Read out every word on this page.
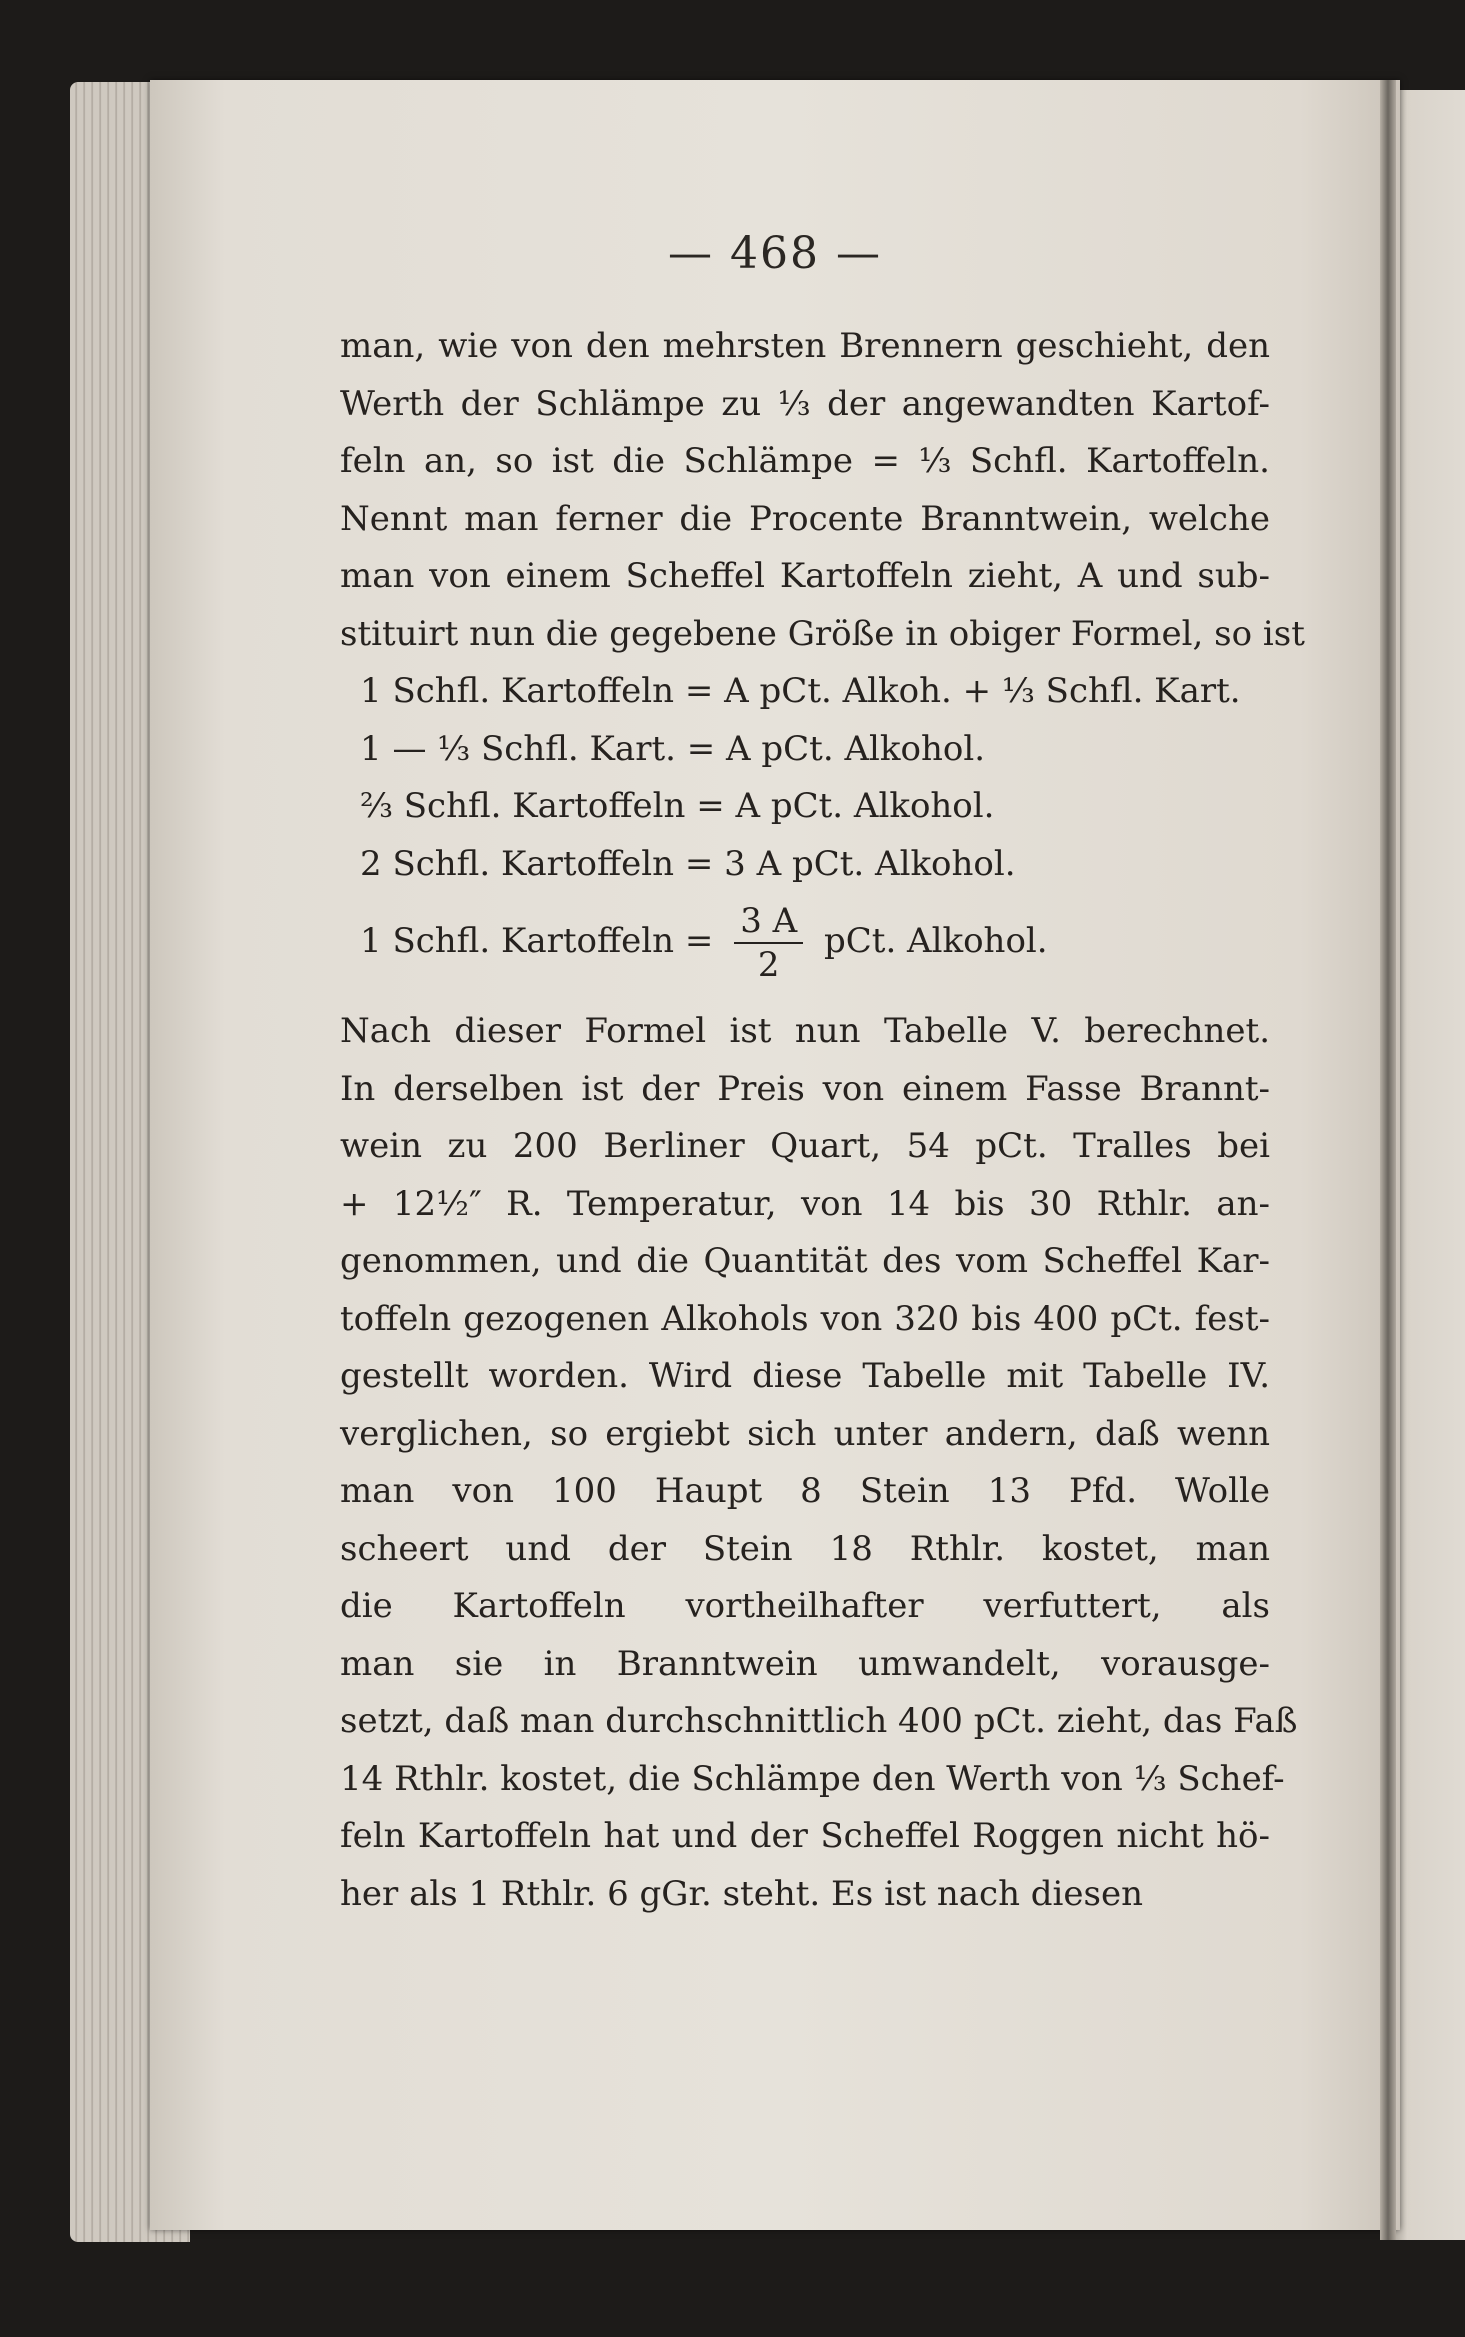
— 468 —
man, wie von den mehrsten Brennern geschieht, den
Werth der Schlämpe zu ⅓ der angewandten Kartof-
feln an, so ist die Schlämpe = ⅓ Schfl. Kartoffeln.
Nennt man ferner die Procente Branntwein, welche
man von einem Scheffel Kartoffeln zieht, A und sub-
stituirt nun die gegebene Größe in obiger Formel, so ist
1 Schfl. Kartoffeln = A pCt. Alkoh. + ⅓ Schfl. Kart.
1 — ⅓ Schfl. Kart. = A pCt. Alkohol.
⅔ Schfl. Kartoffeln = A pCt. Alkohol.
2 Schfl. Kartoffeln = 3 A pCt. Alkohol.
1 Schfl. Kartoffeln = $\frac{3 A}{2}$ pCt. Alkohol.
Nach dieser Formel ist nun Tabelle V. berechnet.
In derselben ist der Preis von einem Fasse Brannt-
wein zu 200 Berliner Quart, 54 pCt. Tralles bei
+ 12½″ R. Temperatur, von 14 bis 30 Rthlr. an-
genommen, und die Quantität des vom Scheffel Kar-
toffeln gezogenen Alkohols von 320 bis 400 pCt. fest-
gestellt worden. Wird diese Tabelle mit Tabelle IV.
verglichen, so ergiebt sich unter andern, daß wenn
man von 100 Haupt 8 Stein 13 Pfd. Wolle
scheert und der Stein 18 Rthlr. kostet, man
die Kartoffeln vortheilhafter verfuttert, als
man sie in Branntwein umwandelt, vorausge-
setzt, daß man durchschnittlich 400 pCt. zieht, das Faß
14 Rthlr. kostet, die Schlämpe den Werth von ⅓ Schef-
feln Kartoffeln hat und der Scheffel Roggen nicht hö-
her als 1 Rthlr. 6 gGr. steht. Es ist nach diesen
